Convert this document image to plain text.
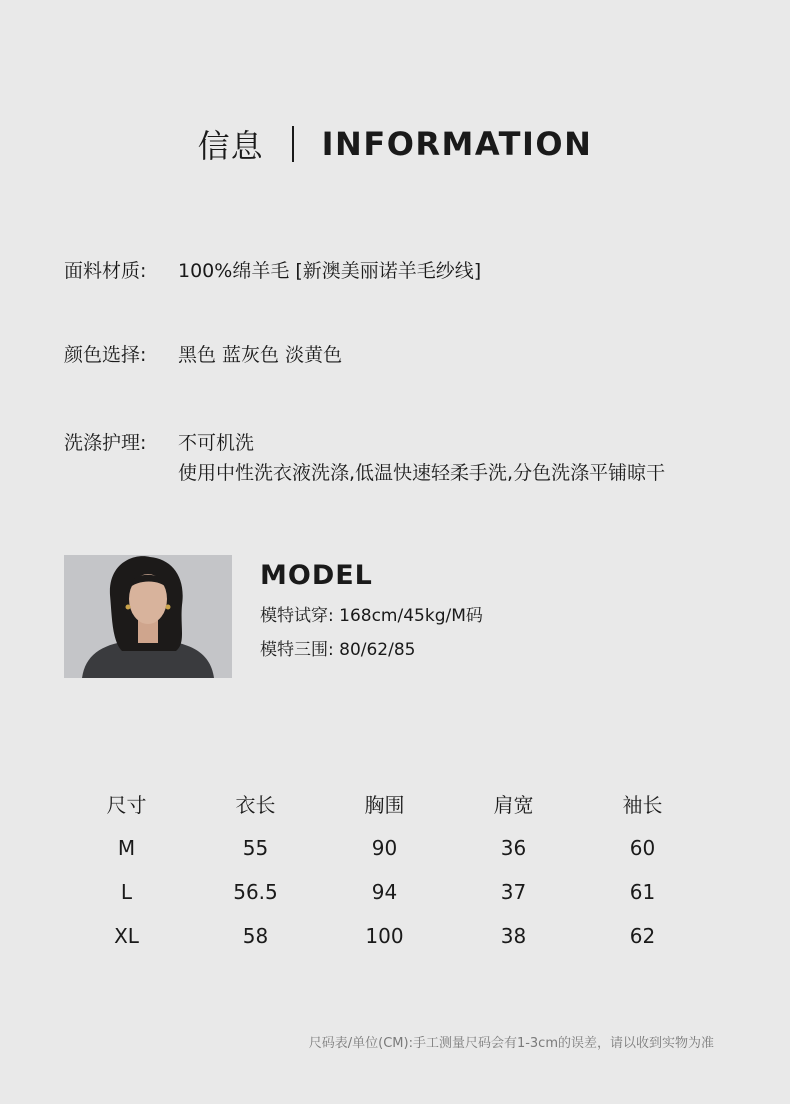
信息 INFORMATION
面料材质:	100%绵羊毛 [新澳美丽诺羊毛纱线]
颜色选择:	黑色 蓝灰色 淡黄色
洗涤护理:	不可机洗
使用中性洗衣液洗涤,低温快速轻柔手洗,分色洗涤平铺晾干
MODEL
模特试穿: 168cm/45kg/M码
模特三围: 80/62/85
尺寸	衣长	胸围	肩宽	袖长
M	55	90	36	60
L	56.5	94	37	61
XL	58	100	38	62
尺码表/单位(CM):手工测量尺码会有1-3cm的误差，请以收到实物为准
